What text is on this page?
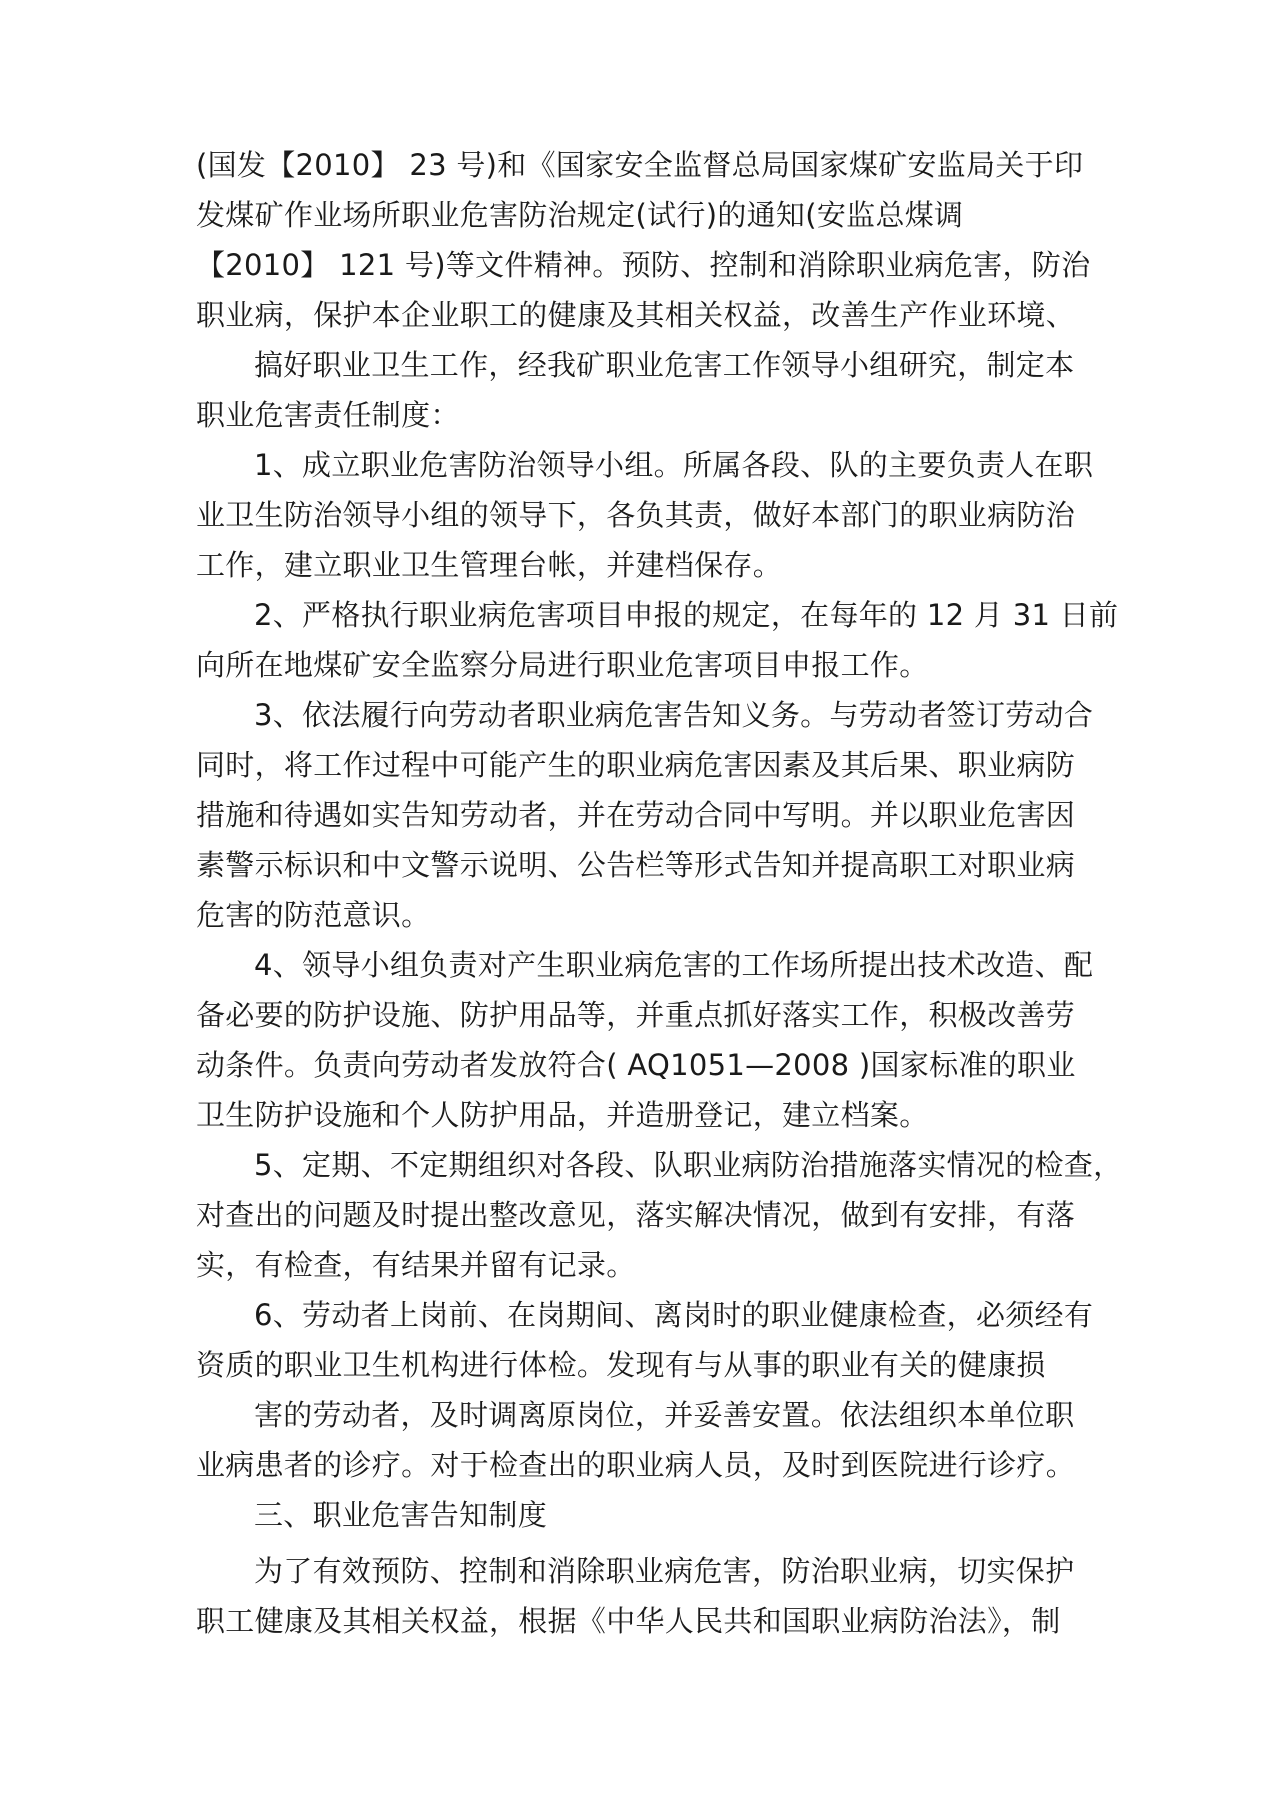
(国发【2010】 23 号)和《国家安全监督总局国家煤矿安监局关于印
发煤矿作业场所职业危害防治规定(试行)的通知(安监总煤调
【2010】 121 号)等文件精神。预防、控制和消除职业病危害，防治
职业病，保护本企业职工的健康及其相关权益，改善生产作业环境、
搞好职业卫生工作，经我矿职业危害工作领导小组研究，制定本
职业危害责任制度：
1、成立职业危害防治领导小组。所属各段、队的主要负责人在职
业卫生防治领导小组的领导下，各负其责，做好本部门的职业病防治
工作，建立职业卫生管理台帐，并建档保存。
2、严格执行职业病危害项目申报的规定，在每年的 12 月 31 日前
向所在地煤矿安全监察分局进行职业危害项目申报工作。
3、依法履行向劳动者职业病危害告知义务。与劳动者签订劳动合
同时，将工作过程中可能产生的职业病危害因素及其后果、职业病防
措施和待遇如实告知劳动者，并在劳动合同中写明。并以职业危害因
素警示标识和中文警示说明、公告栏等形式告知并提高职工对职业病
危害的防范意识。
4、领导小组负责对产生职业病危害的工作场所提出技术改造、配
备必要的防护设施、防护用品等，并重点抓好落实工作，积极改善劳
动条件。负责向劳动者发放符合( AQ1051—2008 )国家标准的职业
卫生防护设施和个人防护用品，并造册登记，建立档案。
5、定期、不定期组织对各段、队职业病防治措施落实情况的检查，
对查出的问题及时提出整改意见，落实解决情况，做到有安排，有落
实，有检查，有结果并留有记录。
6、劳动者上岗前、在岗期间、离岗时的职业健康检查，必须经有
资质的职业卫生机构进行体检。发现有与从事的职业有关的健康损
害的劳动者，及时调离原岗位，并妥善安置。依法组织本单位职
业病患者的诊疗。对于检查出的职业病人员，及时到医院进行诊疗。
三、职业危害告知制度
为了有效预防、控制和消除职业病危害，防治职业病，切实保护
职工健康及其相关权益，根据《中华人民共和国职业病防治法》，制
